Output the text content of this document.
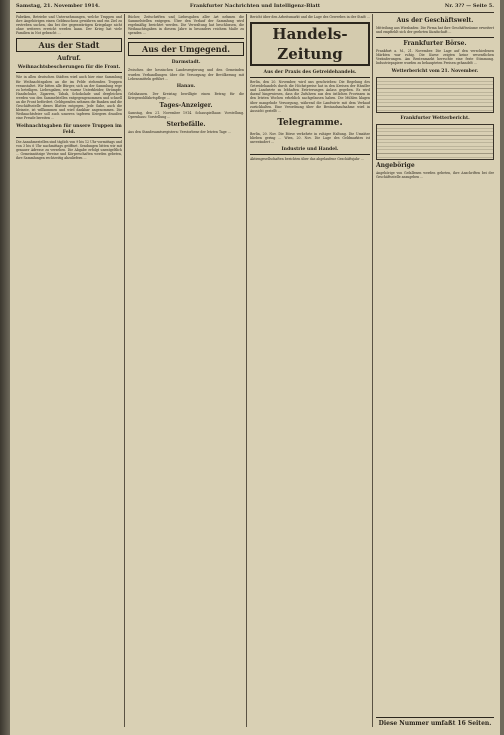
Samstag, 21. November 1914.	Frankfurter Nachrichten und Intelligenz-Blatt	Nr. 3?? — Seite 5.
Fabriken, Betriebe und Unternehmungen, welche Truppen und ihre Angehörigen einen Geldzuschuss gewähren und ein Ziel zu erstreben suchen, das bei der gegenwärtigen Kriegslage nicht ohne weiteres erreicht werden kann. Der Krieg hat viele Familien in Not gebracht ...
Aus der Stadt
Aufruf.
Weihnachtsbescherungen für die Front.
Wie in allen deutschen Städten wird auch hier eine Sammlung für Weihnachtsgaben an die im Felde stehenden Truppen veranstaltet. Wir bitten alle Bürger, sich an der Sammlung rege zu beteiligen. Liebesgaben, wie warme Unterkleider, Strümpfe, Handschuhe, Zigarren, Tabak, Schokolade und dergleichen werden von den Sammelstellen entgegengenommen und schnell an die Front befördert. Geldspenden nehmen die Banken und die Geschäftsstelle dieses Blattes entgegen. Jede Gabe, auch die kleinste, ist willkommen und wird dankbar angenommen. Die Weihnachtsfeier soll auch unseren tapferen Kriegern draußen eine Freude bereiten ...
Weihnachtsgaben für unsere Truppen im Feld.
Die Annahmestellen sind täglich von 9 bis 12 Uhr vormittags und von 3 bis 6 Uhr nachmittags geöffnet. Sendungen bitten wir mit genauer Adresse zu versehen. Die Abgabe erfolgt unentgeltlich ... Gemeinnützige Vereine und Körperschaften werden gebeten, ihre Sammlungen rechtzeitig abzuliefern ...
Bücher, Zeitschriften und Liebesgaben aller Art nehmen die Sammelstellen entgegen. Über den Verlauf der Sammlung wird regelmäßig berichtet werden. Die Verwaltung hat beschlossen, die Weihnachtsgaben in diesem Jahre in besonders reichem Maße zu spenden ...
Aus der Umgegend.
Darmstadt.
Zwischen der hessischen Landesregierung und den Gemeinden wurden Verhandlungen über die Versorgung der Bevölkerung mit Lebensmitteln geführt ...
Hanau.
Gelnhausen. Der Kreistag bewilligte einen Betrag für die Kriegswohlfahrtspflege ...
Tages-Anzeiger.
Samstag, den 21. November 1914. Schauspielhaus: Vorstellung. Opernhaus: Vorstellung ...
Sterbefälle.
Aus den Standesamtsregistern: Verstorbene der letzten Tage ...
Bericht über den Arbeitsmarkt und die Lage des Gewerbes in der Stadt ...
Handels-Zeitung
Aus der Praxis des Getreidehandels.
Berlin, den 20. November, wird uns geschrieben: Die Regelung des Getreidehandels durch die Höchstpreise hat in den Kreisen der Händler und Landwirte zu lebhaften Erörterungen Anlass gegeben. Es wird darauf hingewiesen, dass die Zufuhren aus den östlichen Provinzen in den letzten Wochen erheblich nachgelassen haben. Die Mühlen klagen über mangelnde Versorgung, während die Landwirte mit dem Verkauf zurückhalten. Eine Verordnung über die Bestandsaufnahme wird in Aussicht gestellt ...
Telegramme.
Berlin, 20. Nov. Die Börse verkehrte in ruhiger Haltung. Die Umsätze blieben gering ... Wien, 20. Nov. Die Lage des Geldmarktes ist unverändert ...
Industrie und Handel.
Aktiengesellschaften berichten über das abgelaufene Geschäftsjahr ...
Aus der Geschäftswelt.
Mitteilung aus Wiesbaden: Die Firma hat ihre Geschäftsräume erweitert und empfiehlt sich der geehrten Kundschaft ...
Frankfurter Börse.
Frankfurt a. M., 21. November. Die Lage auf den verschiedenen Märkten war ruhig. Die Kurse zeigten keine wesentlichen Veränderungen. Am Rentenmarkt herrschte eine feste Stimmung. Industriepapiere wurden zu behaupteten Preisen gehandelt ...
Wetterbericht vom 21. November.
Frankfurter Wetterbericht.
Angebörige
Angehörige von Gefallenen werden gebeten, ihre Anschriften bei der Geschäftsstelle anzugeben ...
Diese Nummer umfaßt 16 Seiten.
